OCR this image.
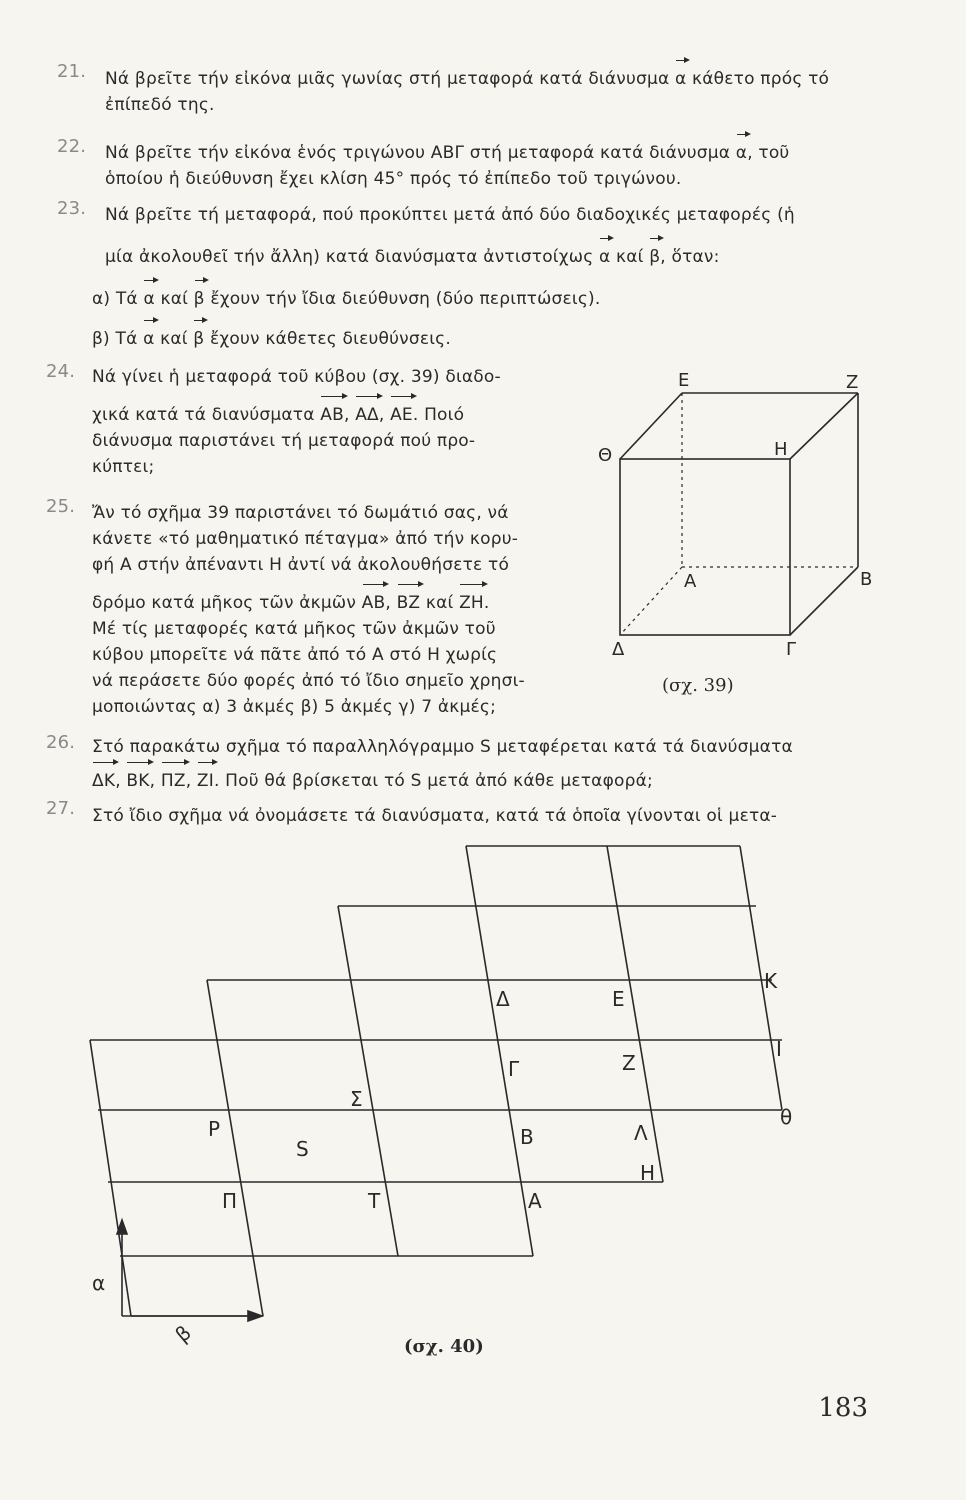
21. Νά βρεῖτε τήν εἰκόνα μιᾶς γωνίας στή μεταφορά κατά διάνυσμα α κάθετο πρός τό
ἐπίπεδό της.
22. Νά βρεῖτε τήν εἰκόνα ἑνός τριγώνου ΑΒΓ στή μεταφορά κατά διάνυσμα α, τοῦ
ὁποίου ἡ διεύθυνση ἔχει κλίση 45° πρός τό ἐπίπεδο τοῦ τριγώνου.
23. Νά βρεῖτε τή μεταφορά, πού προκύπτει μετά ἀπό δύο διαδοχικές μεταφορές (ἡ
μία ἀκολουθεῖ τήν ἄλλη) κατά διανύσματα ἀντιστοίχως α καί β, ὅταν:
α) Τά α καί β ἔχουν τήν ἴδια διεύθυνση (δύο περιπτώσεις).
β) Τά α καί β ἔχουν κάθετες διευθύνσεις.
24. Νά γίνει ἡ μεταφορά τοῦ κύβου (σχ. 39) διαδο-
χικά κατά τά διανύσματα ΑΒ, ΑΔ, ΑΕ. Ποιό
διάνυσμα παριστάνει τή μεταφορά πού προ-
κύπτει;
25. Ἄν τό σχῆμα 39 παριστάνει τό δωμάτιό σας, νά
κάνετε «τό μαθηματικό πέταγμα» ἀπό τήν κορυ-
φή Α στήν ἀπέναντι Η ἀντί νά ἀκολουθήσετε τό
δρόμο κατά μῆκος τῶν ἀκμῶν ΑΒ, ΒΖ καί ΖΗ.
Μέ τίς μεταφορές κατά μῆκος τῶν ἀκμῶν τοῦ
κύβου μπορεῖτε νά πᾶτε ἀπό τό Α στό Η χωρίς
νά περάσετε δύο φορές ἀπό τό ἴδιο σημεῖο χρησι-
μοποιώντας α) 3 ἀκμές β) 5 ἀκμές γ) 7 ἀκμές;
Ε	Ζ
Θ	Η
Α	Β
Δ	Γ
(σχ. 39)
26. Στό παρακάτω σχῆμα τό παραλληλόγραμμο S μεταφέρεται κατά τά διανύσματα
ΔΚ, ΒΚ, ΠΖ, ΖΙ. Ποῦ θά βρίσκεται τό S μετά ἀπό κάθε μεταφορά;
27. Στό ἴδιο σχῆμα νά ὀνομάσετε τά διανύσματα, κατά τά ὁποῖα γίνονται οἱ μετα-
Κ
Ι
θ
Δ	Ε
Γ	Ζ
Σ
Ρ
S	Β	Λ
Η
Π	Τ	Α
α
β	(σχ. 40)
183
